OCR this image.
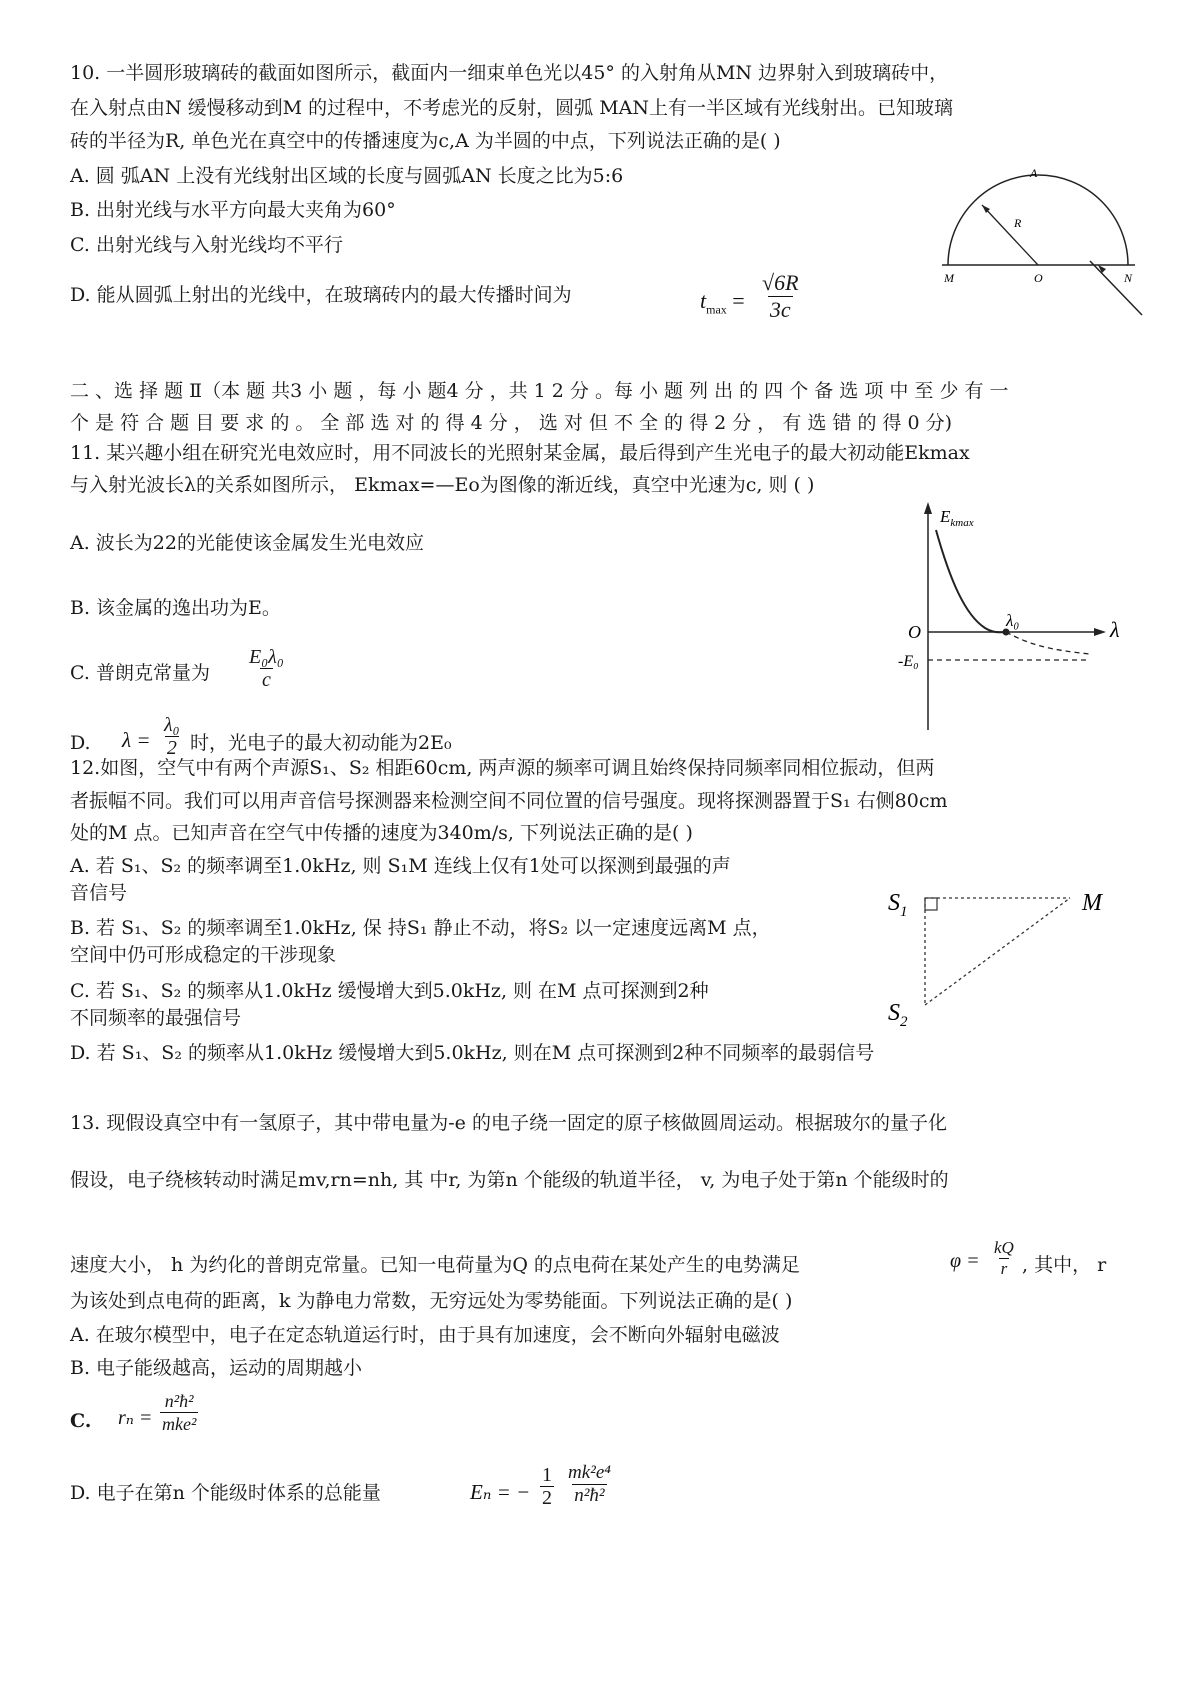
10. 一半圆形玻璃砖的截面如图所示，截面内一细束单色光以45° 的入射角从MN 边界射入到玻璃砖中，
在入射点由N 缓慢移动到M 的过程中，不考虑光的反射，圆弧 MAN上有一半区域有光线射出。已知玻璃
砖的半径为R, 单色光在真空中的传播速度为c,A 为半圆的中点，下列说法正确的是( )
A. 圆 弧AN 上没有光线射出区域的长度与圆弧AN 长度之比为5:6
B. 出射光线与水平方向最大夹角为60°
C. 出射光线与入射光线均不平行
D. 能从圆弧上射出的光线中，在玻璃砖内的最大传播时间为	$t_{max} = \frac{√6R}{3c}$
A
R
M	O	N
二 、选 择 题 Ⅱ（本 题 共3 小 题 ，每 小 题4 分 ，共 1 2 分 。每 小 题 列 出 的 四 个 备 选 项 中 至 少 有 一
个 是 符 合 题 目 要 求 的 。 全 部 选 对 的 得 4 分 ， 选 对 但 不 全 的 得 2 分 ， 有 选 错 的 得 0 分)
11. 某兴趣小组在研究光电效应时，用不同波长的光照射某金属，最后得到产生光电子的最大初动能Ekmax
与入射光波长λ的关系如图所示， Ekmax=—Eo为图像的渐近线，真空中光速为c, 则 ( )
A. 波长为22的光能使该金属发生光电效应
B. 该金属的逸出功为E。
C. 普朗克常量为 $\frac{\text{E₀λ₀}}{c}$
D. $\lambda = \frac{\text{λ₀}}{2}$ 时，光电子的最大初动能为2E₀
$E_{kmax}$
λ
O
λ₀
-E₀
12.如图，空气中有两个声源S₁、S₂ 相距60cm, 两声源的频率可调且始终保持同频率同相位振动，但两
者振幅不同。我们可以用声音信号探测器来检测空间不同位置的信号强度。现将探测器置于S₁ 右侧80cm
处的M 点。已知声音在空气中传播的速度为340m/s, 下列说法正确的是( )
A. 若 S₁、S₂ 的频率调至1.0kHz, 则 S₁M 连线上仅有1处可以探测到最强的声
音信号
B. 若 S₁、S₂ 的频率调至1.0kHz, 保 持S₁ 静止不动，将S₂ 以一定速度远离M 点，
空间中仍可形成稳定的干涉现象
C. 若 S₁、S₂ 的频率从1.0kHz 缓慢增大到5.0kHz, 则 在M 点可探测到2种
不同频率的最强信号
D. 若 S₁、S₂ 的频率从1.0kHz 缓慢增大到5.0kHz, 则在M 点可探测到2种不同频率的最弱信号
$S_1$
$S_2$
M
13. 现假设真空中有一氢原子，其中带电量为-e 的电子绕一固定的原子核做圆周运动。根据玻尔的量子化
假设，电子绕核转动时满足mv,rn=nh, 其 中r, 为第n 个能级的轨道半径， v, 为电子处于第n 个能级时的
速度大小， h 为约化的普朗克常量。已知一电荷量为Q 的点电荷在某处产生的电势满足	$\varphi = \frac{kQ}{r}$ , 其中， r
为该处到点电荷的距离，k 为静电力常数，无穷远处为零势能面。下列说法正确的是( )
A. 在玻尔模型中，电子在定态轨道运行时，由于具有加速度，会不断向外辐射电磁波
B. 电子能级越高，运动的周期越小
C. rₙ =
n²ħ²
mke²
D. 电子在第n 个能级时体系的总能量	Eₙ = − $\frac{1}{2} \frac{\text{mk²e⁴}}{\text{n²ħ²}}$
